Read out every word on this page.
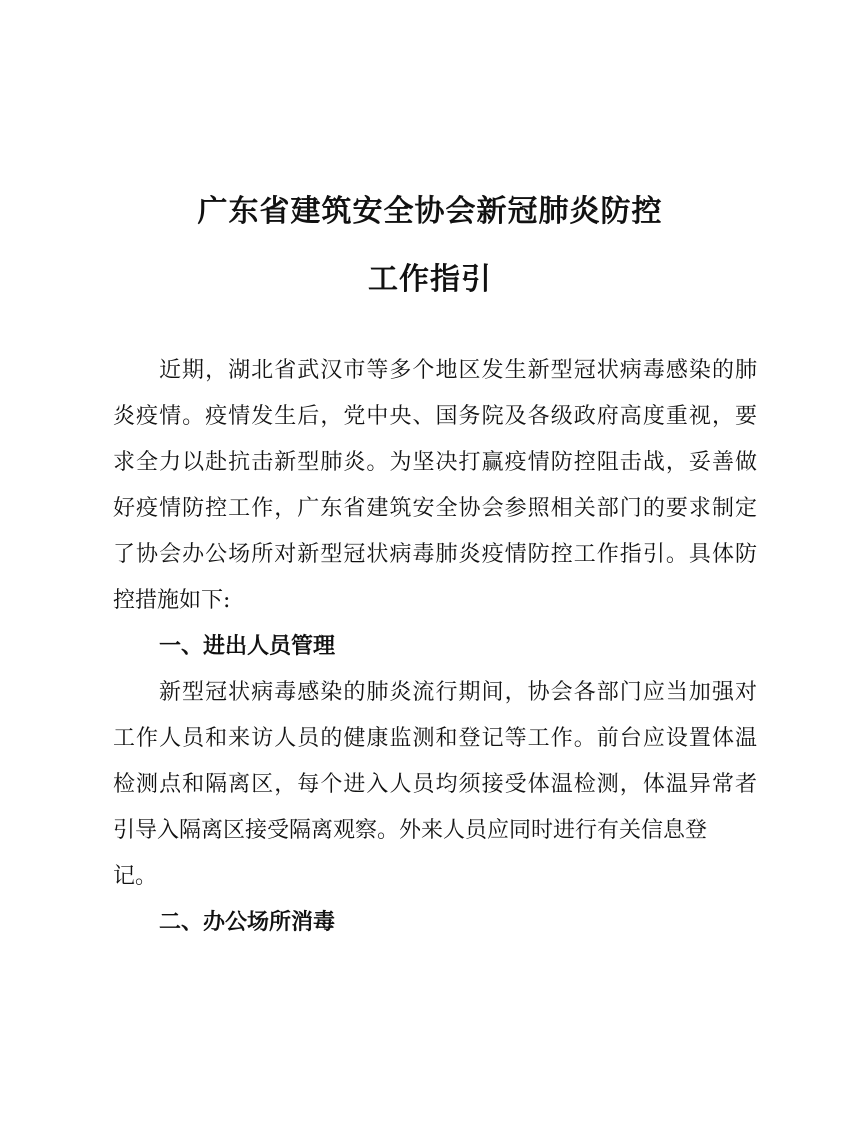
广东省建筑安全协会新冠肺炎防控
工作指引
近期，湖北省武汉市等多个地区发生新型冠状病毒感染的肺
炎疫情。疫情发生后，党中央、国务院及各级政府高度重视，要
求全力以赴抗击新型肺炎。为坚决打赢疫情防控阻击战，妥善做
好疫情防控工作，广东省建筑安全协会参照相关部门的要求制定
了协会办公场所对新型冠状病毒肺炎疫情防控工作指引。具体防
控措施如下:
一、进出人员管理
新型冠状病毒感染的肺炎流行期间，协会各部门应当加强对
工作人员和来访人员的健康监测和登记等工作。前台应设置体温
检测点和隔离区，每个进入人员均须接受体温检测，体温异常者
引导入隔离区接受隔离观察。外来人员应同时进行有关信息登
记。
二、办公场所消毒
